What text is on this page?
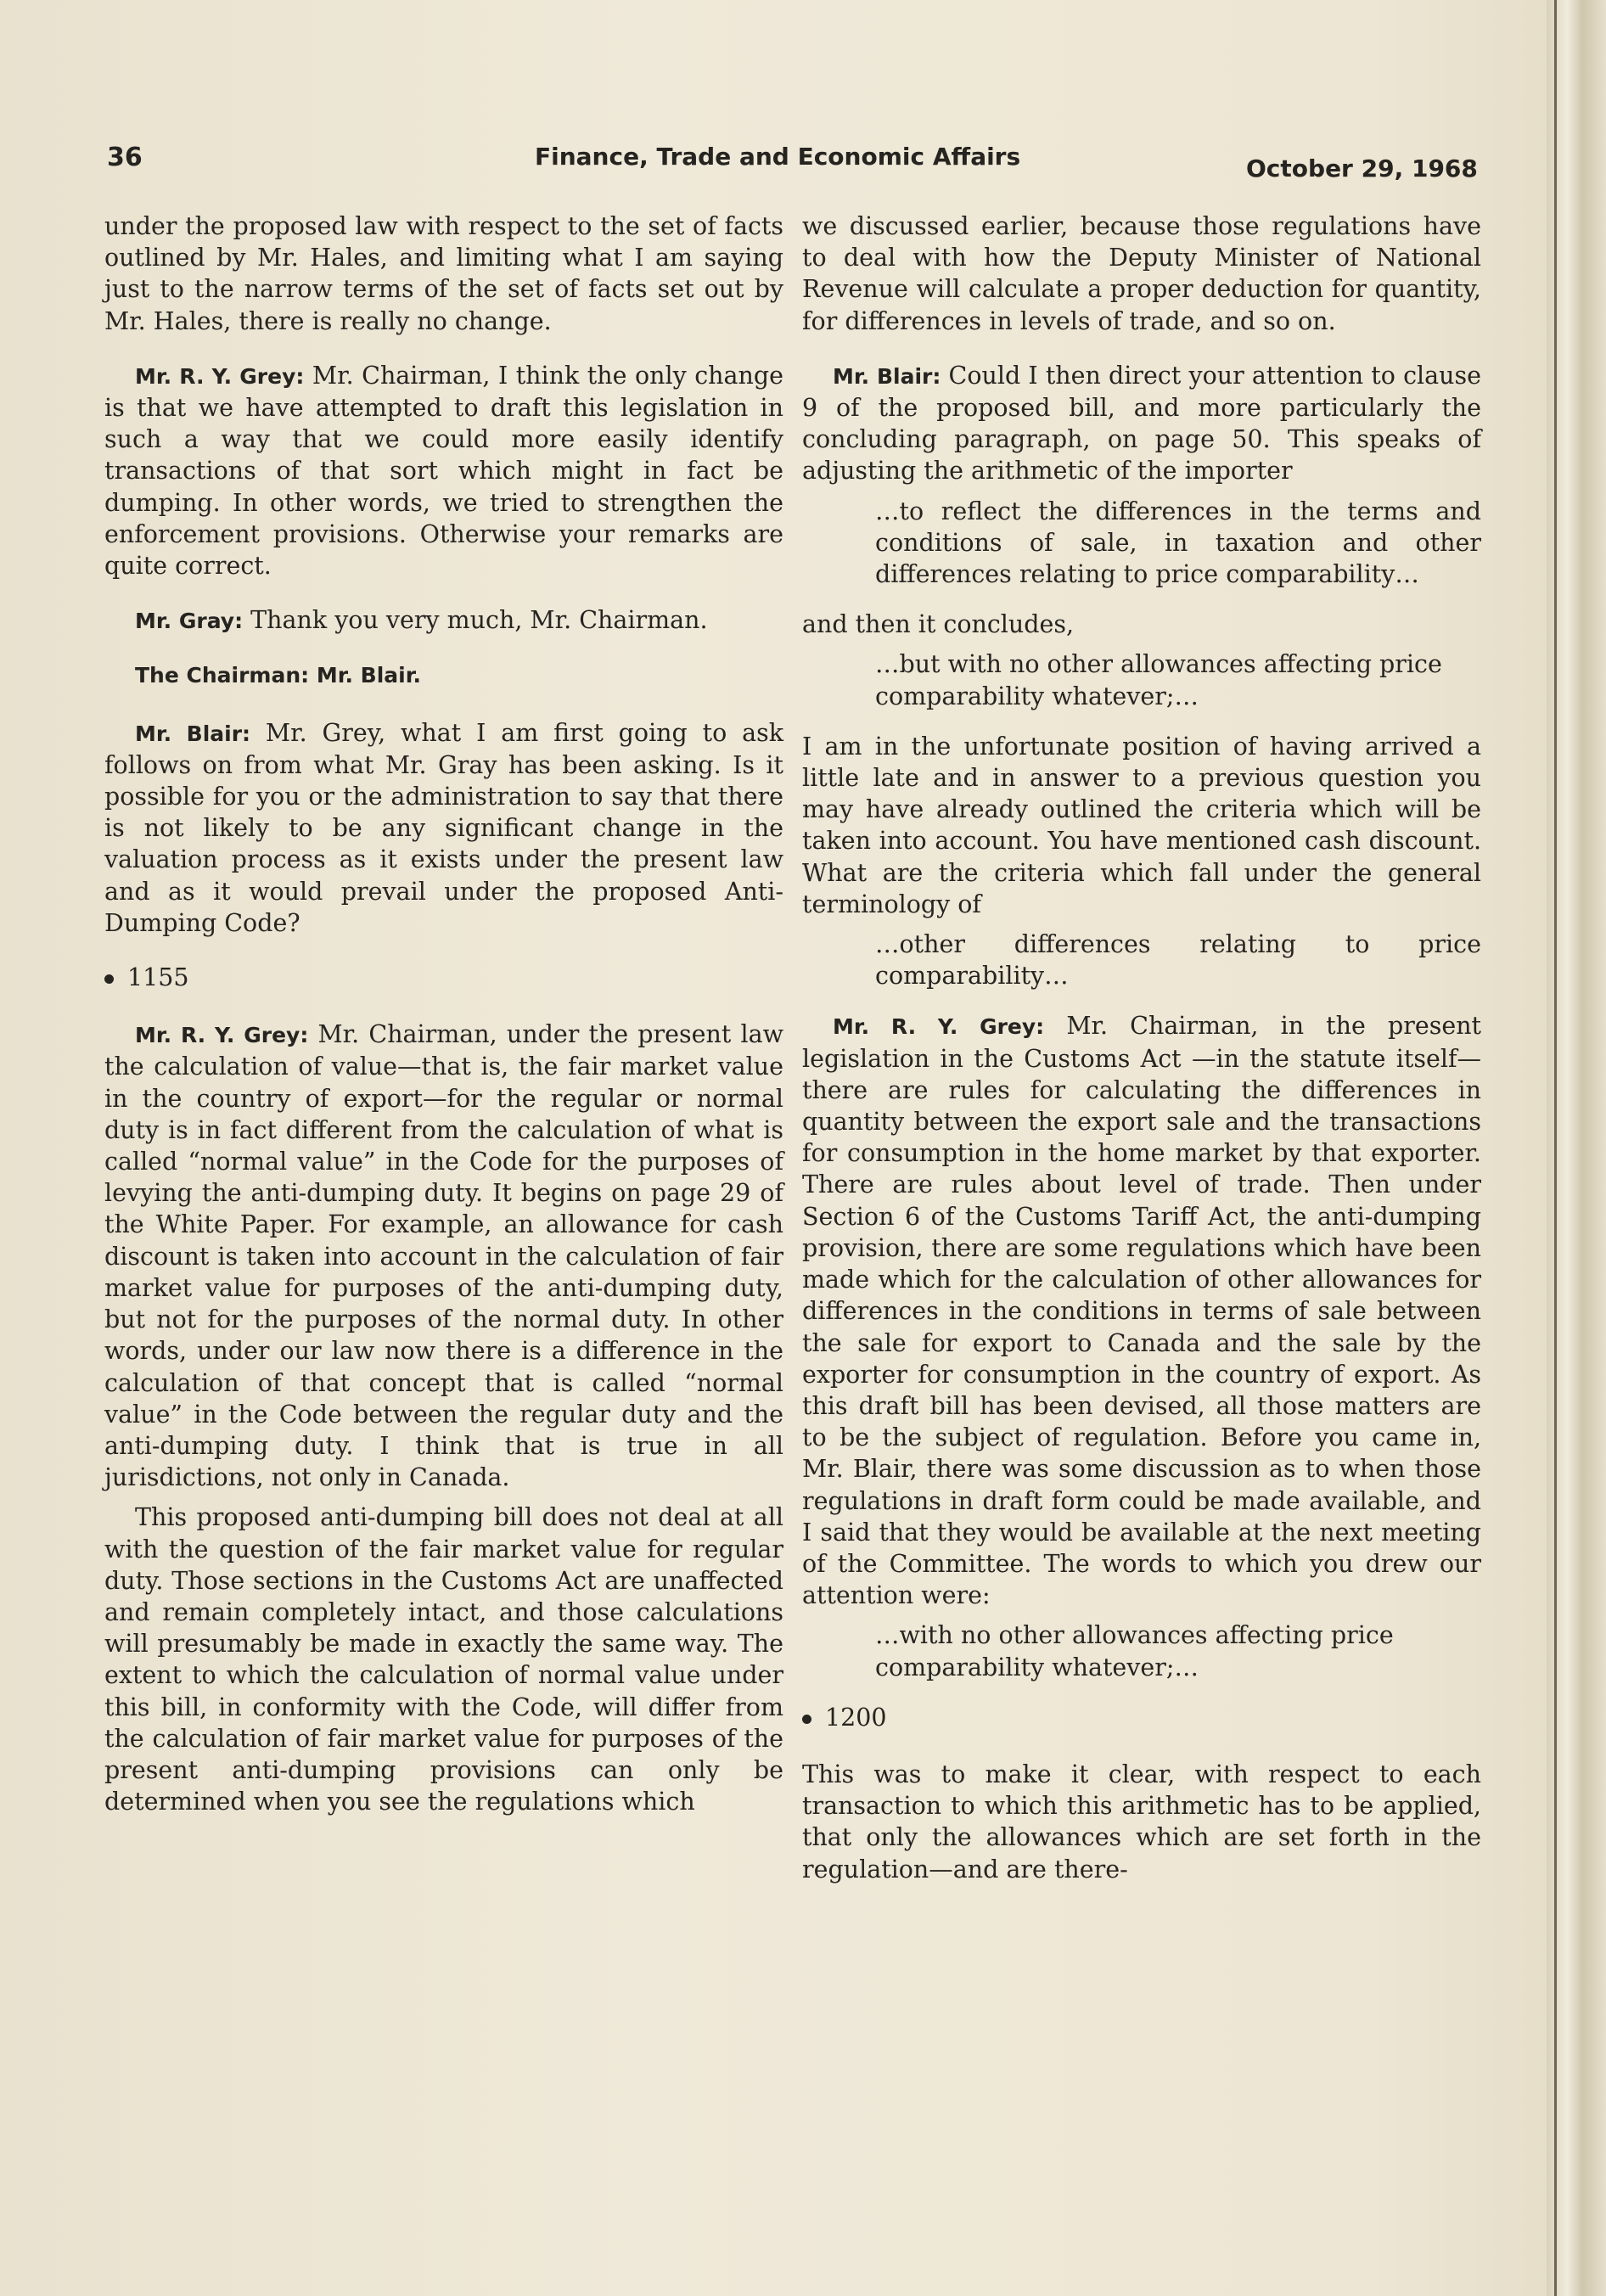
36	Finance, Trade and Economic Affairs	October 29, 1968

under the proposed law with respect to the set of facts outlined by Mr. Hales, and limiting what I am saying just to the narrow terms of the set of facts set out by Mr. Hales, there is really no change.

Mr. R. Y. Grey: Mr. Chairman, I think the only change is that we have attempted to draft this legislation in such a way that we could more easily identify transactions of that sort which might in fact be dumping. In other words, we tried to strengthen the enforcement provisions. Otherwise your remarks are quite correct.

Mr. Gray: Thank you very much, Mr. Chairman.

The Chairman: Mr. Blair.

Mr. Blair: Mr. Grey, what I am first going to ask follows on from what Mr. Gray has been asking. Is it possible for you or the administration to say that there is not likely to be any significant change in the valuation process as it exists under the present law and as it would prevail under the proposed Anti-Dumping Code?

1155

Mr. R. Y. Grey: Mr. Chairman, under the present law the calculation of value—that is, the fair market value in the country of export—for the regular or normal duty is in fact different from the calculation of what is called “normal value” in the Code for the purposes of levying the anti-dumping duty. It begins on page 29 of the White Paper. For example, an allowance for cash discount is taken into account in the calculation of fair market value for purposes of the anti-dumping duty, but not for the purposes of the normal duty. In other words, under our law now there is a difference in the calculation of that concept that is called “normal value” in the Code between the regular duty and the anti-dumping duty. I think that is true in all jurisdictions, not only in Canada.

This proposed anti-dumping bill does not deal at all with the question of the fair market value for regular duty. Those sections in the Customs Act are unaffected and remain completely intact, and those calculations will presumably be made in exactly the same way. The extent to which the calculation of normal value under this bill, in conformity with the Code, will differ from the calculation of fair market value for purposes of the present anti-dumping provisions can only be determined when you see the regulations which

we discussed earlier, because those regulations have to deal with how the Deputy Minister of National Revenue will calculate a proper deduction for quantity, for differences in levels of trade, and so on.

Mr. Blair: Could I then direct your attention to clause 9 of the proposed bill, and more particularly the concluding paragraph, on page 50. This speaks of adjusting the arithmetic of the importer

…to reflect the differences in the terms and conditions of sale, in taxation and other differences relating to price comparability…

and then it concludes,

…but with no other allowances affecting price comparability whatever;…

I am in the unfortunate position of having arrived a little late and in answer to a previous question you may have already outlined the criteria which will be taken into account. You have mentioned cash discount. What are the criteria which fall under the general terminology of

…other differences relating to price comparability…

Mr. R. Y. Grey: Mr. Chairman, in the present legislation in the Customs Act —in the statute itself—there are rules for calculating the differences in quantity between the export sale and the transactions for consumption in the home market by that exporter. There are rules about level of trade. Then under Section 6 of the Customs Tariff Act, the anti-dumping provision, there are some regulations which have been made which for the calculation of other allowances for differences in the conditions in terms of sale between the sale for export to Canada and the sale by the exporter for consumption in the country of export. As this draft bill has been devised, all those matters are to be the subject of regulation. Before you came in, Mr. Blair, there was some discussion as to when those regulations in draft form could be made available, and I said that they would be available at the next meeting of the Committee. The words to which you drew our attention were:

…with no other allowances affecting price comparability whatever;…
1200

This was to make it clear, with respect to each transaction to which this arithmetic has to be applied, that only the allowances which are set forth in the regulation—and are there-
